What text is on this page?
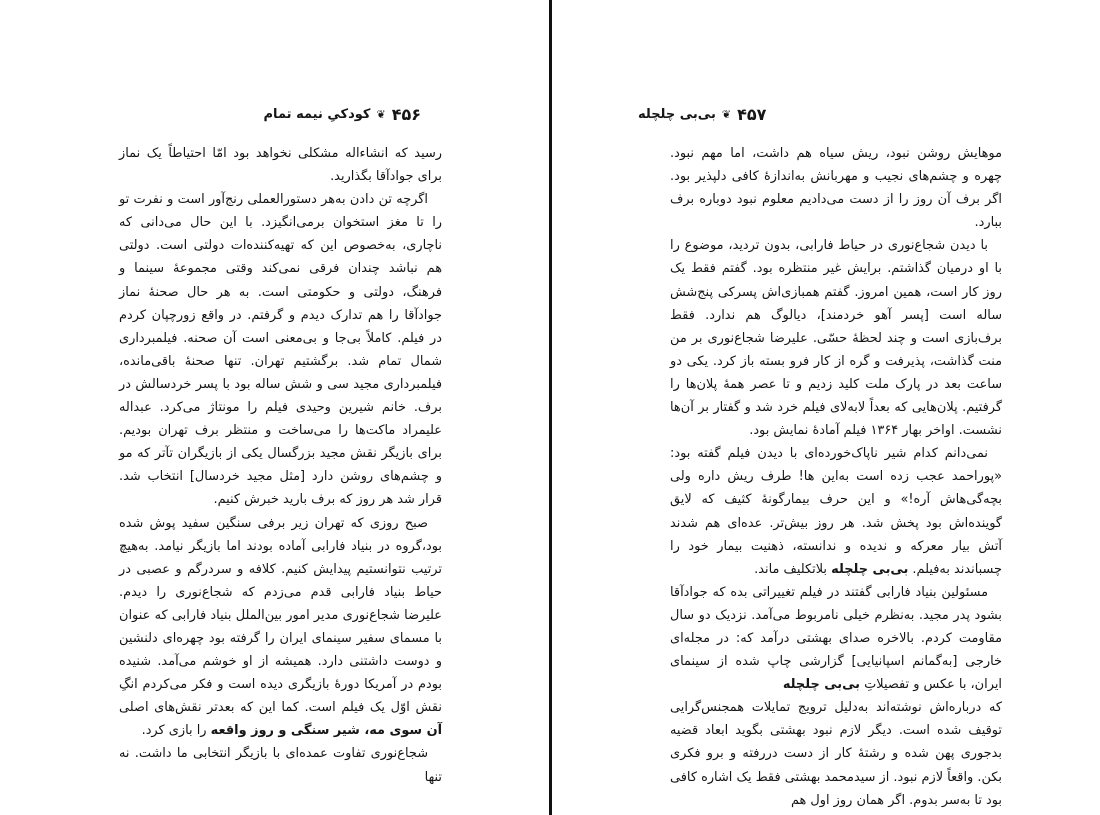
۴۵۶
❦
کودکیِ نیمه تمام

رسید که انشاءاله مشکلی نخواهد بود امّا احتیاطاً یک نماز برای جوادآقا بگذارید.

اگرچه تن دادن به‌هر دستورالعملی رنج‌آور است و نفرت تو را تا مغز استخوان برمی‌انگیزد. با این حال می‌دانی که ناچاری، به‌خصوص این که تهیه‌کننده‌ات دولتی است. دولتی هم نباشد چندان فرقی نمی‌کند وقتی مجموعهٔ سینما و فرهنگ، دولتی و حکومتی است. به هر حال صحنهٔ نماز جوادآقا را هم تدارک دیدم و گرفتم. در واقع زورچپان کردم در فیلم. کاملاً بی‌جا و بی‌معنی است آن صحنه. فیلمبرداری شمال تمام شد. برگشتیم تهران. تنها صحنهٔ باقی‌مانده، فیلمبرداری مجید سی و شش ساله بود با پسر خردسالش در برف. خانم شیرین وحیدی فیلم را مونتاژ می‌کرد. عبداله علیمراد ماکت‌ها را می‌ساخت و منتظر برف تهران بودیم. برای بازیگر نقش مجید بزرگسال یکی از بازیگران تآتر که مو و چشم‌های روشن دارد [مثل مجید خردسال] انتخاب شد. قرار شد هر روز که برف بارید خبرش کنیم.

صبح روزی که تهران زیر برفی سنگین سفید پوش شده بود،گروه در بنیاد فارابی آماده بودند اما بازیگر نیامد. به‌هیچ ترتیب نتوانستیم پیدایش کنیم. کلافه و سردرگم و عصبی در حیاط بنیاد فارابی قدم می‌زدم که شجاع‌نوری را دیدم. علیرضا شجاع‌نوری مدیر امور بین‌الملل بنیاد فارابی که عنوان با مسمای سفیر سینمای ایران را گرفته بود چهره‌ای دلنشین و دوست داشتنی دارد. همیشه از او خوشم می‌آمد. شنیده بودم در آمریکا دورهٔ بازیگری دیده است و فکر می‌کردم انگِ نقش اوّل یک فیلم است. کما این که بعدتر نقش‌های اصلی آن سوی مه، شیر سنگی و روز واقعه را بازی کرد.

شجاع‌نوری تفاوت عمده‌ای با بازیگر انتخابی ما داشت. نه تنها

۴۵۷
❦
بی‌بی چلچله

موهایش روشن نبود، ریش سیاه هم داشت، اما مهم نبود. چهره و چشم‌های نجیب و مهربانش به‌اندازهٔ کافی دلپذیر بود. اگر برف آن روز را از دست می‌دادیم معلوم نبود دوباره برف ببارد.

با دیدن شجاع‌نوری در حیاط فارابی، بدون تردید، موضوع را با او درمیان گذاشتم. برایش غیر منتظره بود. گفتم فقط یک روز کار است، همین امروز. گفتم همبازی‌اش پسرکی پنج‌شش ساله است [پسر آهو خردمند]، دیالوگ هم ندارد. فقط برف‌بازی است و چند لحظهٔ حسّی. علیرضا شجاع‌نوری بر من منت گذاشت، پذیرفت و گره از کار فرو بسته باز کرد. یکی دو ساعت بعد در پارک ملت کلید زدیم و تا عصر همهٔ پلان‌ها را گرفتیم. پلان‌هایی که بعداً لابه‌لای فیلم خرد شد و گفتار بر آن‌ها نشست. اواخر بهار ۱۳۶۴ فیلم آمادهٔ نمایش بود.

نمی‌دانم کدام شیر ناپاک‌خورده‌ای با دیدن فیلم گفته بود: «پوراحمد عجب زده است به‌این ها! طرف ریش داره ولی بچه‌گی‌هاش آره!» و این حرف بیمارگونهٔ کثیف که لایق گوینده‌اش بود پخش شد. هر روز بیش‌تر. عده‌ای هم شدند آتش بیار معرکه و ندیده و ندانسته، ذهنیت بیمار خود را چسباندند به‌فیلم. بی‌بی چلچله بلاتکلیف ماند.

مسئولین بنیاد فارابی گفتند در فیلم تغییراتی بده که جوادآقا بشود پدر مجید. به‌نظرم خیلی نامربوط می‌آمد. نزدیک دو سال مقاومت کردم. بالاخره صدای بهشتی درآمد که: در مجله‌ای خارجی [به‌گمانم اسپانیایی] گزارشی چاپ شده از سینمای ایران، با عکس و تفصیلاتِ بی‌بی چلچله

که درباره‌اش نوشته‌اند به‌دلیل ترویج تمایلات همجنس‌گرایی توقیف شده است. دیگر لازم نبود بهشتی بگوید ابعاد قضیه بدجوری پهن شده و رشته‌ٔ کار از دست دررفته و برو فکری بکن. واقعاً لازم نبود. از سیدمحمد بهشتی فقط یک اشاره کافی بود تا به‌سر بدوم. اگر همان روز اول هم
